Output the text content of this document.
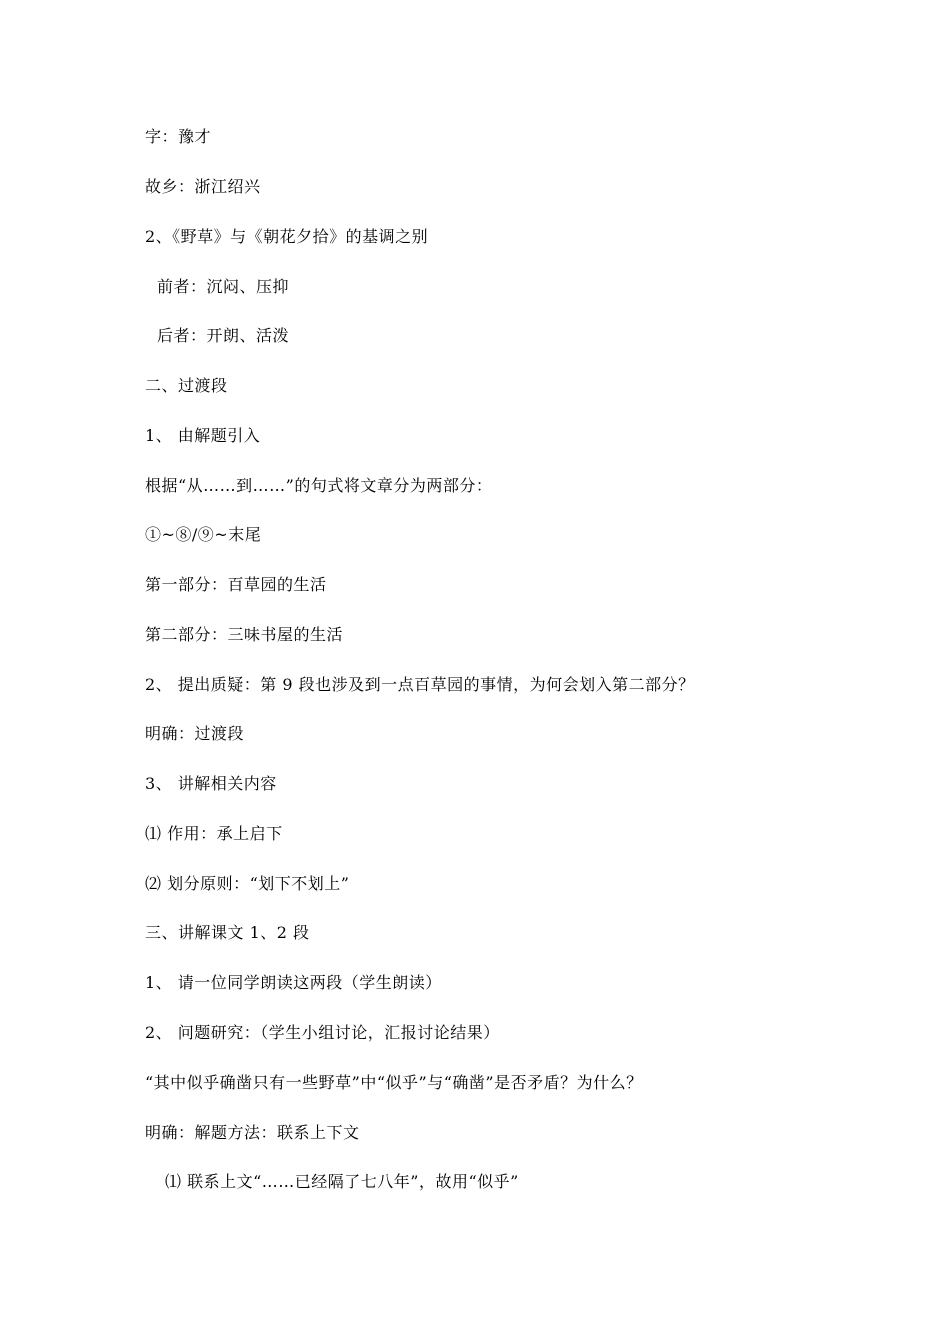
字：豫才
故乡：浙江绍兴
2、《野草》与《朝花夕拾》的基调之别
前者：沉闷、压抑
后者：开朗、活泼
二、过渡段
1、 由解题引入
根据“从……到……”的句式将文章分为两部分：
①~⑧/⑨~末尾
第一部分：百草园的生活
第二部分：三味书屋的生活
2、 提出质疑：第 9 段也涉及到一点百草园的事情，为何会划入第二部分？
明确：过渡段
3、 讲解相关内容
⑴ 作用：承上启下
⑵ 划分原则：“划下不划上”
三、讲解课文 1、2 段
1、 请一位同学朗读这两段（学生朗读）
2、 问题研究：（学生小组讨论，汇报讨论结果）
“其中似乎确凿只有一些野草”中“似乎”与“确凿”是否矛盾？为什么？
明确：解题方法：联系上下文
⑴ 联系上文“……已经隔了七八年”，故用“似乎”
